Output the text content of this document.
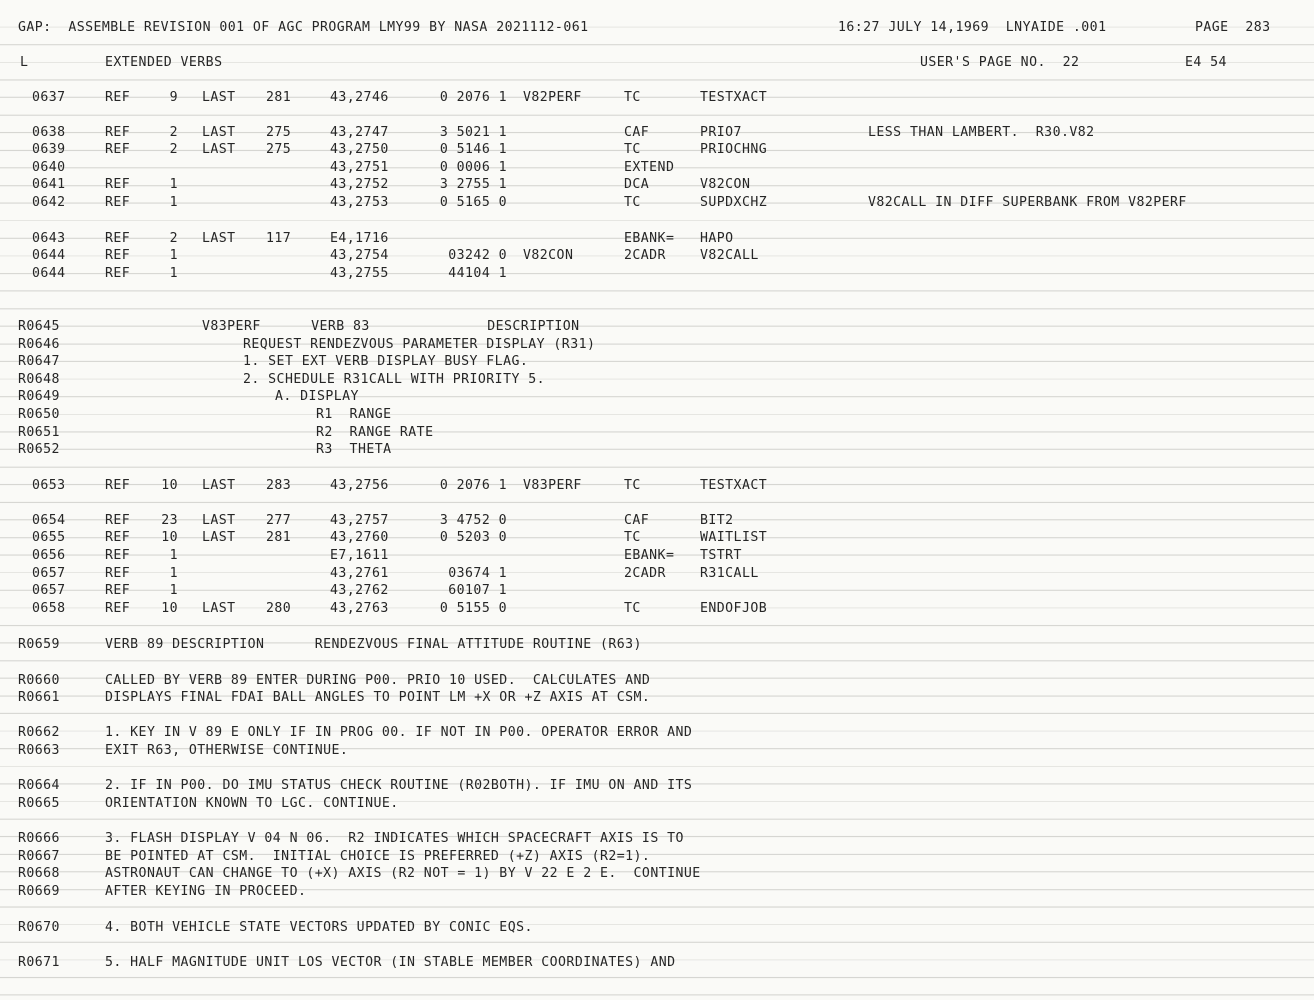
GAP:  ASSEMBLE REVISION 001 OF AGC PROGRAM LMY99 BY NASA 2021112-061	16:27 JULY 14,1969  LNYAIDE .001	PAGE  283
L	EXTENDED VERBS	USER'S PAGE NO.  22	E4 54
0637	REF	9 LAST 281	43,2746	0 2076 1 V82PERF	TC	TESTXACT
0638	REF	2 LAST 275	43,2747	3 5021 1	CAF	PRIO7	LESS THAN LAMBERT.  R30.V82
0639	REF	2 LAST 275	43,2750	0 5146 1	TC	PRIOCHNG
0640	43,2751	0 0006 1	EXTEND
0641	REF	1	43,2752	3 2755 1	DCA	V82CON
0642	REF	1	43,2753	0 5165 0	TC	SUPDXCHZ	V82CALL IN DIFF SUPERBANK FROM V82PERF
0643	REF	2 LAST 117	E4,1716	EBANK= HAPO
0644	REF	1	43,2754	03242 0 V82CON	2CADR	V82CALL
0644	REF	1	43,2755	44104 1
R0645	V83PERF      VERB 83              DESCRIPTION
R0646	REQUEST RENDEZVOUS PARAMETER DISPLAY (R31)
R0647	1. SET EXT VERB DISPLAY BUSY FLAG.
R0648	2. SCHEDULE R31CALL WITH PRIORITY 5.
R0649	A. DISPLAY
R0650	R1  RANGE
R0651	R2  RANGE RATE
R0652	R3  THETA
0653	REF 10 LAST 283	43,2756	0 2076 1 V83PERF	TC	TESTXACT
0654	REF 23 LAST 277	43,2757	3 4752 0	CAF	BIT2
0655	REF 10 LAST 281	43,2760	0 5203 0	TC	WAITLIST
0656	REF	1	E7,1611	EBANK= TSTRT
0657	REF	1	43,2761	03674 1	2CADR	R31CALL
0657	REF	1	43,2762	60107 1
0658	REF 10 LAST 280	43,2763	0 5155 0	TC	ENDOFJOB
R0659	VERB 89 DESCRIPTION      RENDEZVOUS FINAL ATTITUDE ROUTINE (R63)
R0660	CALLED BY VERB 89 ENTER DURING P00. PRIO 10 USED.  CALCULATES AND
R0661	DISPLAYS FINAL FDAI BALL ANGLES TO POINT LM +X OR +Z AXIS AT CSM.
R0662	1. KEY IN V 89 E ONLY IF IN PROG 00. IF NOT IN P00. OPERATOR ERROR AND
R0663	EXIT R63, OTHERWISE CONTINUE.
R0664	2. IF IN P00. DO IMU STATUS CHECK ROUTINE (R02BOTH). IF IMU ON AND ITS
R0665	ORIENTATION KNOWN TO LGC. CONTINUE.
R0666	3. FLASH DISPLAY V 04 N 06.  R2 INDICATES WHICH SPACECRAFT AXIS IS TO
R0667	BE POINTED AT CSM.  INITIAL CHOICE IS PREFERRED (+Z) AXIS (R2=1).
R0668	ASTRONAUT CAN CHANGE TO (+X) AXIS (R2 NOT = 1) BY V 22 E 2 E.  CONTINUE
R0669	AFTER KEYING IN PROCEED.
R0670	4. BOTH VEHICLE STATE VECTORS UPDATED BY CONIC EQS.
R0671	5. HALF MAGNITUDE UNIT LOS VECTOR (IN STABLE MEMBER COORDINATES) AND
